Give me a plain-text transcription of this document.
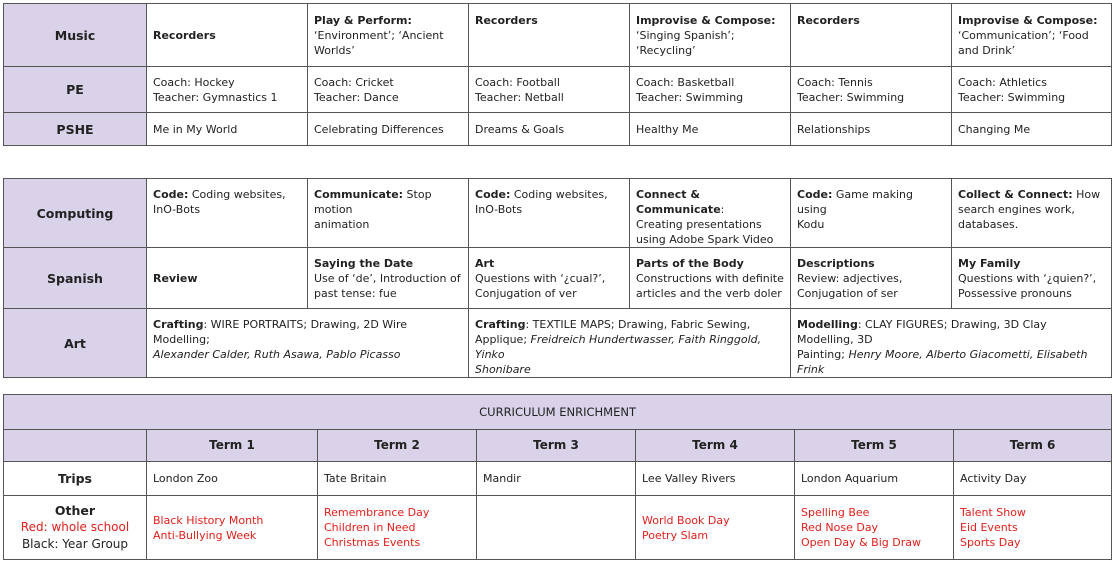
Music	Recorders	Play & Perform:
‘Environment’; ‘Ancient
Worlds’	Recorders	Improvise & Compose:
‘Singing Spanish’;
‘Recycling’	Recorders	Improvise & Compose:
‘Communication’; ‘Food
and Drink’

PE	Coach: Hockey
Teacher: Gymnastics 1	Coach: Cricket
Teacher: Dance	Coach: Football
Teacher: Netball	Coach: Basketball
Teacher: Swimming	Coach: Tennis
Teacher: Swimming	Coach: Athletics
Teacher: Swimming

PSHE	Me in My World	Celebrating Differences	Dreams & Goals	Healthy Me	Relationships	Changing Me
Computing	Code: Coding websites,
InO-Bots	Communicate: Stop motion
animation	Code: Coding websites,
InO-Bots	Connect & Communicate:
Creating presentations
using Adobe Spark Video	Code: Game making using
Kodu	Collect & Connect: How
search engines work,
databases.

Spanish	Review	Saying the Date
Use of ‘de’, Introduction of
past tense: fue	Art
Questions with ‘¿cual?’,
Conjugation of ver	Parts of the Body
Constructions with definite
articles and the verb doler	Descriptions
Review: adjectives,
Conjugation of ser	My Family
Questions with ‘¿quien?’,
Possessive pronouns

Art	Crafting: WIRE PORTRAITS; Drawing, 2D Wire Modelling;
Alexander Calder, Ruth Asawa, Pablo Picasso		Crafting: TEXTILE MAPS; Drawing, Fabric Sewing,
Applique; Freidreich Hundertwasser, Faith Ringgold, Yinko
Shonibare		Modelling: CLAY FIGURES; Drawing, 3D Clay Modelling, 3D
Painting; Henry Moore, Alberto Giacometti, Elisabeth Frink	
CURRICULUM ENRICHMENT						
	Term 1	Term 2	Term 3	Term 4	Term 5	Term 6
Trips	London Zoo	Tate Britain	Mandir	Lee Valley Rivers	London Aquarium	Activity Day

Other
Red: whole school
Black: Year Group	Black History Month
Anti-Bullying Week	Remembrance Day
Children in Need
Christmas Events		World Book Day
Poetry Slam	Spelling Bee
Red Nose Day
Open Day & Big Draw	Talent Show
Eid Events
Sports Day
